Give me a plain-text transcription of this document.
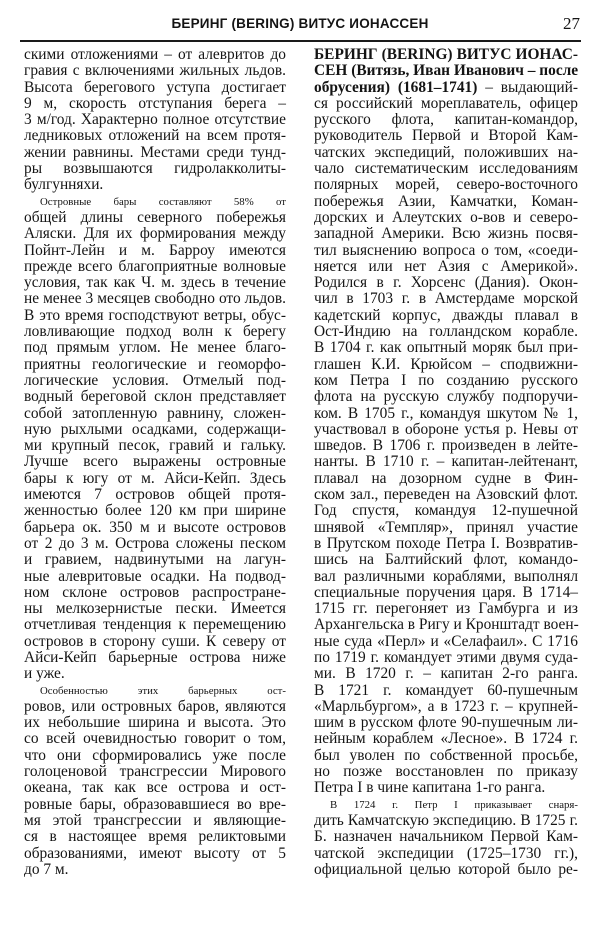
БЕРИНГ (BERING) ВИТУС ИОНАССЕН	27
скими отложениями – от алевритов до
гравия с включениями жильных льдов.
Высота берегового уступа достигает
9 м, скорость отступания берега –
3 м/год. Характерно полное отсутствие
ледниковых отложений на всем протя-
жении равнины. Местами среди тунд-
ры возвышаются гидролакколиты-
булгунняхи.
Островные бары составляют 58% от
общей длины северного побережья
Аляски. Для их формирования между
Пойнт-Лейн и м. Барроу имеются
прежде всего благоприятные волновые
условия, так как Ч. м. здесь в течение
не менее 3 месяцев свободно ото льдов.
В это время господствуют ветры, обус-
ловливающие подход волн к берегу
под прямым углом. Не менее благо-
приятны геологические и геоморфо-
логические условия. Отмелый под-
водный береговой склон представляет
собой затопленную равнину, сложен-
ную рыхлыми осадками, содержащи-
ми крупный песок, гравий и гальку.
Лучше всего выражены островные
бары к югу от м. Айси-Кейп. Здесь
имеются 7 островов общей протя-
женностью более 120 км при ширине
барьера ок. 350 м и высоте островов
от 2 до 3 м. Острова сложены песком
и гравием, надвинутыми на лагун-
ные алевритовые осадки. На подвод-
ном склоне островов распростране-
ны мелкозернистые пески. Имеется
отчетливая тенденция к перемещению
островов в сторону суши. К северу от
Айси-Кейп барьерные острова ниже
и уже.
Особенностью этих барьерных ост-
ровов, или островных баров, являются
их небольшие ширина и высота. Это
со всей очевидностью говорит о том,
что они сформировались уже после
голоценовой трансгрессии Мирового
океана, так как все острова и ост-
ровные бары, образовавшиеся во вре-
мя этой трансгрессии и являющие-
ся в настоящее время реликтовыми
образованиями, имеют высоту от 5
до 7 м.
БЕРИНГ (BERING) ВИТУС ИОНАС-
СЕН (Витязь, Иван Иванович – после
обрусения) (1681–1741) – выдающий-
ся российский мореплаватель, офицер
русского флота, капитан-командор,
руководитель Первой и Второй Кам-
чатских экспедиций, положивших на-
чало систематическим исследованиям
полярных морей, северо-восточного
побережья Азии, Камчатки, Коман-
дорских и Алеутских о-вов и северо-
западной Америки. Всю жизнь посвя-
тил выяснению вопроса о том, «соеди-
няется или нет Азия с Америкой».
Родился в г. Хорсенс (Дания). Окон-
чил в 1703 г. в Амстердаме морской
кадетский корпус, дважды плавал в
Ост-Индию на голландском корабле.
В 1704 г. как опытный моряк был при-
глашен К.И. Крюйсом – сподвижни-
ком Петра I по созданию русского
флота на русскую службу подпоручи-
ком. В 1705 г., командуя шкутом № 1,
участвовал в обороне устья р. Невы от
шведов. В 1706 г. произведен в лейте-
нанты. В 1710 г. – капитан-лейтенант,
плавал на дозорном судне в Фин-
ском зал., переведен на Азовский флот.
Год спустя, командуя 12-пушечной
шнявой «Темпляр», принял участие
в Прутском походе Петра I. Возвратив-
шись на Балтийский флот, командо-
вал различными кораблями, выполнял
специальные поручения царя. В 1714–
1715 гг. перегоняет из Гамбурга и из
Архангельска в Ригу и Кронштадт воен-
ные суда «Перл» и «Селафаил». С 1716
по 1719 г. командует этими двумя суда-
ми. В 1720 г. – капитан 2-го ранга.
В 1721 г. командует 60-пушечным
«Марльбургом», а в 1723 г. – крупней-
шим в русском флоте 90-пушечным ли-
нейным кораблем «Лесное». В 1724 г.
был уволен по собственной просьбе,
но позже восстановлен по приказу
Петра I в чине капитана 1-го ранга.
В 1724 г. Петр I приказывает снаря-
дить Камчатскую экспедицию. В 1725 г.
Б. назначен начальником Первой Кам-
чатской экспедиции (1725–1730 гг.),
официальной целью которой было ре-
